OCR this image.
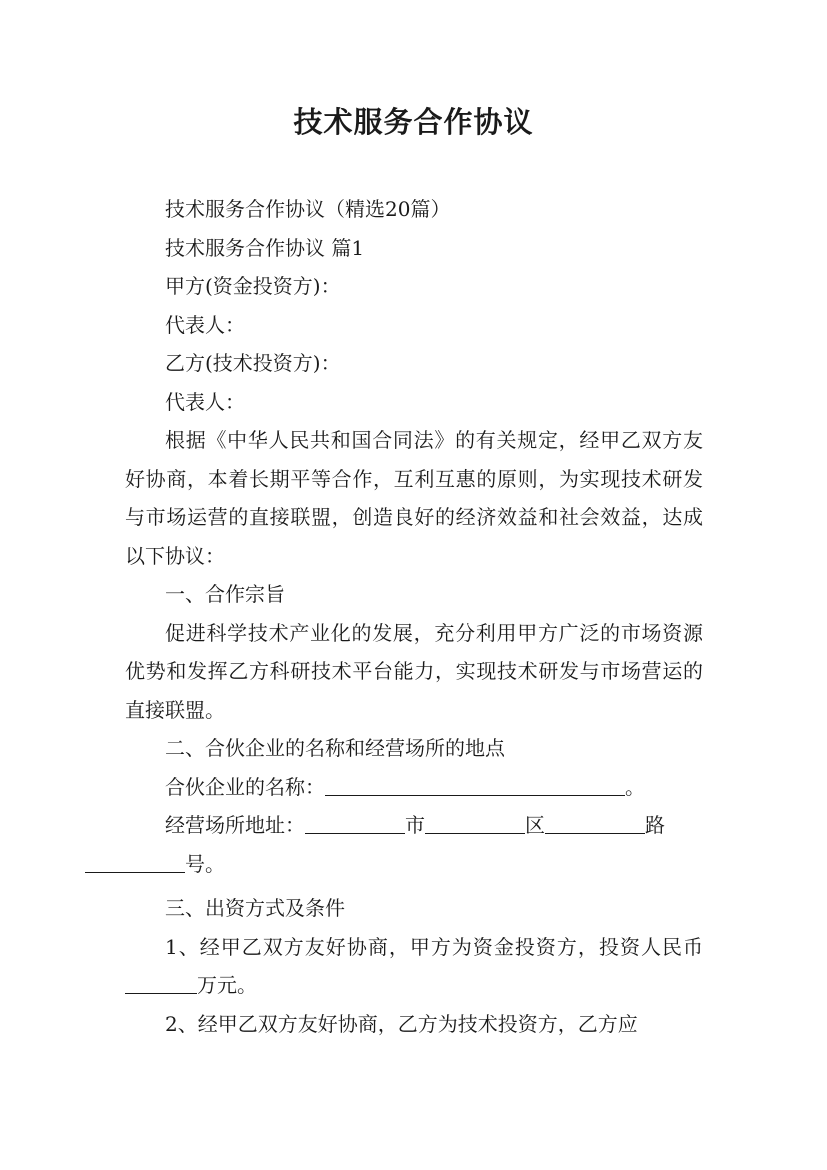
技术服务合作协议

技术服务合作协议（精选20篇）

技术服务合作协议 篇1

甲方(资金投资方)：

代表人：

乙方(技术投资方)：

代表人：

根据《中华人民共和国合同法》的有关规定，经甲乙双方友好协商，本着长期平等合作，互利互惠的原则，为实现技术研发与市场运营的直接联盟，创造良好的经济效益和社会效益，达成以下协议：

一、合作宗旨

促进科学技术产业化的发展，充分利用甲方广泛的市场资源优势和发挥乙方科研技术平台能力，实现技术研发与市场营运的直接联盟。

二、合伙企业的名称和经营场所的地点

合伙企业的名称：	。

经营场所地址：	市	区	路
号。

三、出资方式及条件

1、经甲乙双方友好协商，甲方为资金投资方，投资人民币万元。

2、经甲乙双方友好协商，乙方为技术投资方，乙方应
